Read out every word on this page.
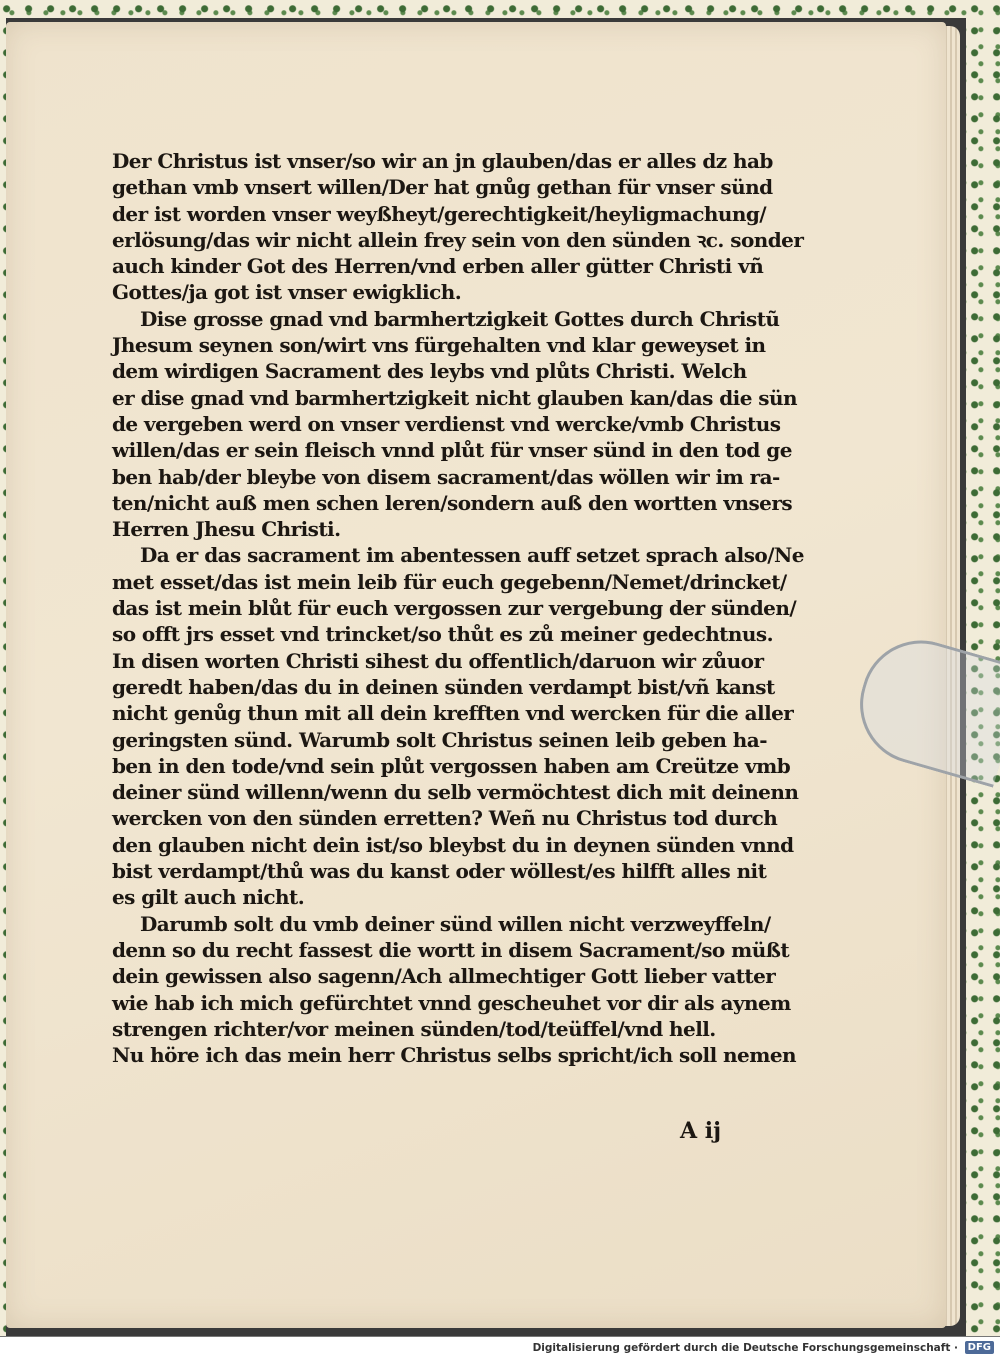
Der Christus ist vnser/so wir an jn glauben/das er alles dz hab
gethan vmb vnsert willen/Der hat gnůg gethan für vnser sünd
der ist worden vnser weyßheyt/gerechtigkeit/heyligmachung/
erlösung/das wir nicht allein frey sein von den sünden ꝛc. sonder
auch kinder Got des Herren/vnd erben aller gütter Christi vñ
Gottes/ja got ist vnser ewigklich.
Dise grosse gnad vnd barmhertzigkeit Gottes durch Christũ
Jhesum seynen son/wirt vns fürgehalten vnd klar geweyset in
dem wirdigen Sacrament des leybs vnd plůts Christi. Welch
er dise gnad vnd barmhertzigkeit nicht glauben kan/das die sün
de vergeben werd on vnser verdienst vnd wercke/vmb Christus
willen/das er sein fleisch vnnd plůt für vnser sünd in den tod ge
ben hab/der bleybe von disem sacrament/das wöllen wir im ra-
ten/nicht auß men schen leren/sondern auß den wortten vnsers
Herren Jhesu Christi.
Da er das sacrament im abentessen auff setzet sprach also/Ne
met esset/das ist mein leib für euch gegebenn/Nemet/drincket/
das ist mein blůt für euch vergossen zur vergebung der sünden/
so offt jrs esset vnd trincket/so thůt es zů meiner gedechtnus.
In disen worten Christi sihest du offentlich/daruon wir zůuor
geredt haben/das du in deinen sünden verdampt bist/vñ kanst
nicht genůg thun mit all dein krefften vnd wercken für die aller
geringsten sünd. Warumb solt Christus seinen leib geben ha-
ben in den tode/vnd sein plůt vergossen haben am Creütze vmb
deiner sünd willenn/wenn du selb vermöchtest dich mit deinenn
wercken von den sünden erretten? Weñ nu Christus tod durch
den glauben nicht dein ist/so bleybst du in deynen sünden vnnd
bist verdampt/thů was du kanst oder wöllest/es hilfft alles nit
es gilt auch nicht.
Darumb solt du vmb deiner sünd willen nicht verzweyffeln/
denn so du recht fassest die wortt in disem Sacrament/so müßt
dein gewissen also sagenn/Ach allmechtiger Gott lieber vatter
wie hab ich mich gefürchtet vnnd gescheuhet vor dir als aynem
strengen richter/vor meinen sünden/tod/teüffel/vnd hell.
Nu höre ich das mein herr Christus selbs spricht/ich soll nemen
A ij
Digitalisierung gefördert durch die Deutsche Forschungsgemeinschaft · DFG
